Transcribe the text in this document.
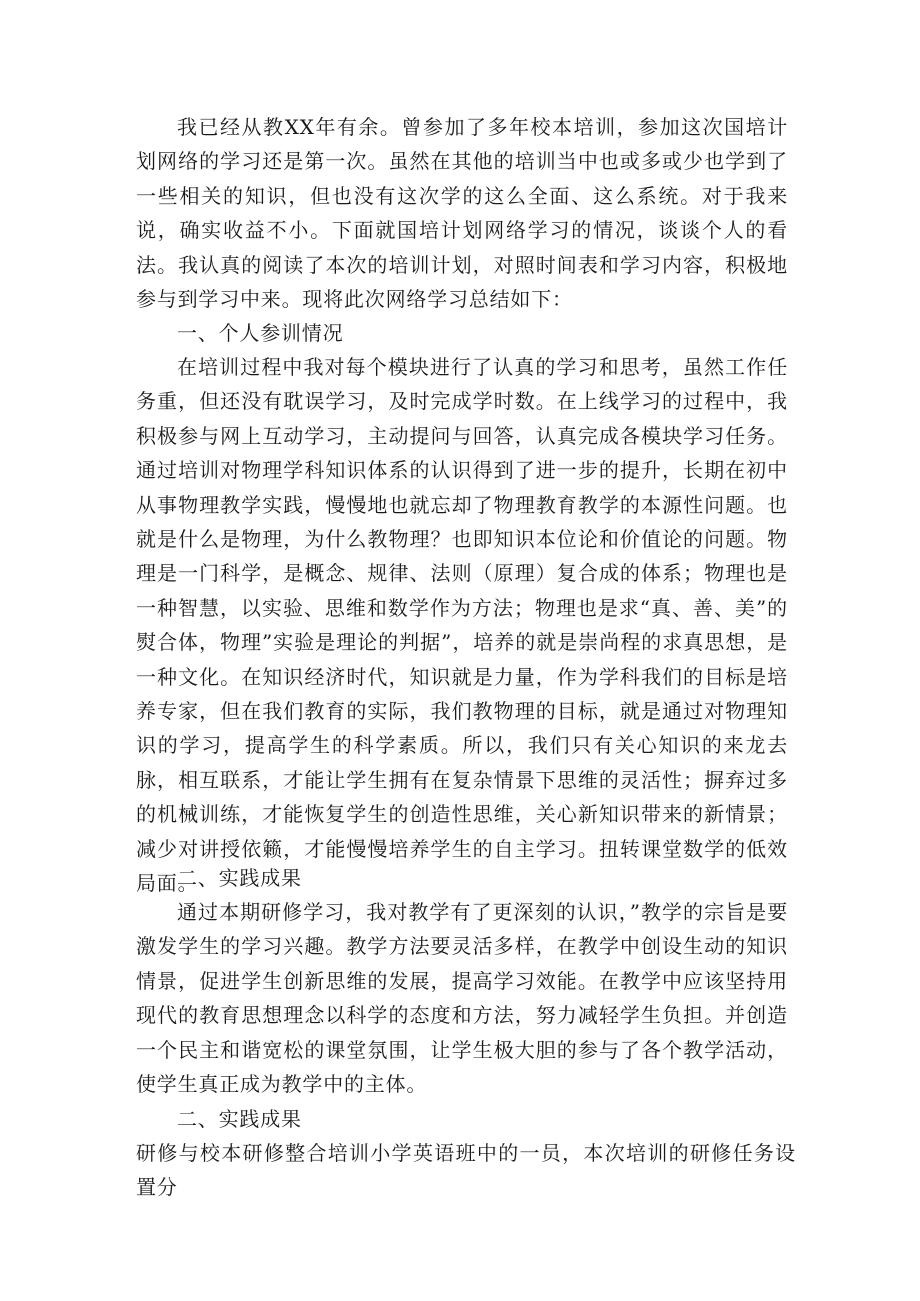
我已经从教XX年有余。曾参加了多年校本培训，参加这次国培计划网络的学习还是第一次。虽然在其他的培训当中也或多或少也学到了一些相关的知识，但也没有这次学的这么全面、这么系统。对于我来说，确实收益不小。下面就国培计划网络学习的情况，谈谈个人的看法。我认真的阅读了本次的培训计划，对照时间表和学习内容，积极地参与到学习中来。现将此次网络学习总结如下：

一、个人参训情况

在培训过程中我对每个模块进行了认真的学习和思考，虽然工作任务重，但还没有耽误学习，及时完成学时数。在上线学习的过程中，我积极参与网上互动学习，主动提问与回答，认真完成各模块学习任务。通过培训对物理学科知识体系的认识得到了进一步的提升，长期在初中从事物理教学实践，慢慢地也就忘却了物理教育教学的本源性问题。也就是什么是物理，为什么教物理？也即知识本位论和价值论的问题。物理是一门科学，是概念、规律、法则（原理）复合成的体系；物理也是一种智慧，以实验、思维和数学作为方法；物理也是求“真、善、美”的熨合体，物理”实验是理论的判据”，培养的就是崇尚程的求真思想，是一种文化。在知识经济时代，知识就是力量，作为学科我们的目标是培养专家，但在我们教育的实际，我们教物理的目标，就是通过对物理知识的学习，提高学生的科学素质。所以，我们只有关心知识的来龙去脉，相互联系，才能让学生拥有在复杂情景下思维的灵活性；摒弃过多的机械训练，才能恢复学生的创造性思维，关心新知识带来的新情景；减少对讲授依籁，才能慢慢培养学生的自主学习。扭转课堂数学的低效局面。

二、实践成果

通过本期研修学习，我对教学有了更深刻的认识，”教学的宗旨是要激发学生的学习兴趣。教学方法要灵活多样，在教学中创设生动的知识情景，促进学生创新思维的发展，提高学习效能。在教学中应该坚持用现代的教育思想理念以科学的态度和方法，努力减轻学生负担。并创造一个民主和谐宽松的课堂氛围，让学生极大胆的参与了各个教学活动，使学生真正成为教学中的主体。

二、实践成果

研修与校本研修整合培训小学英语班中的一员，本次培训的研修任务设置分
